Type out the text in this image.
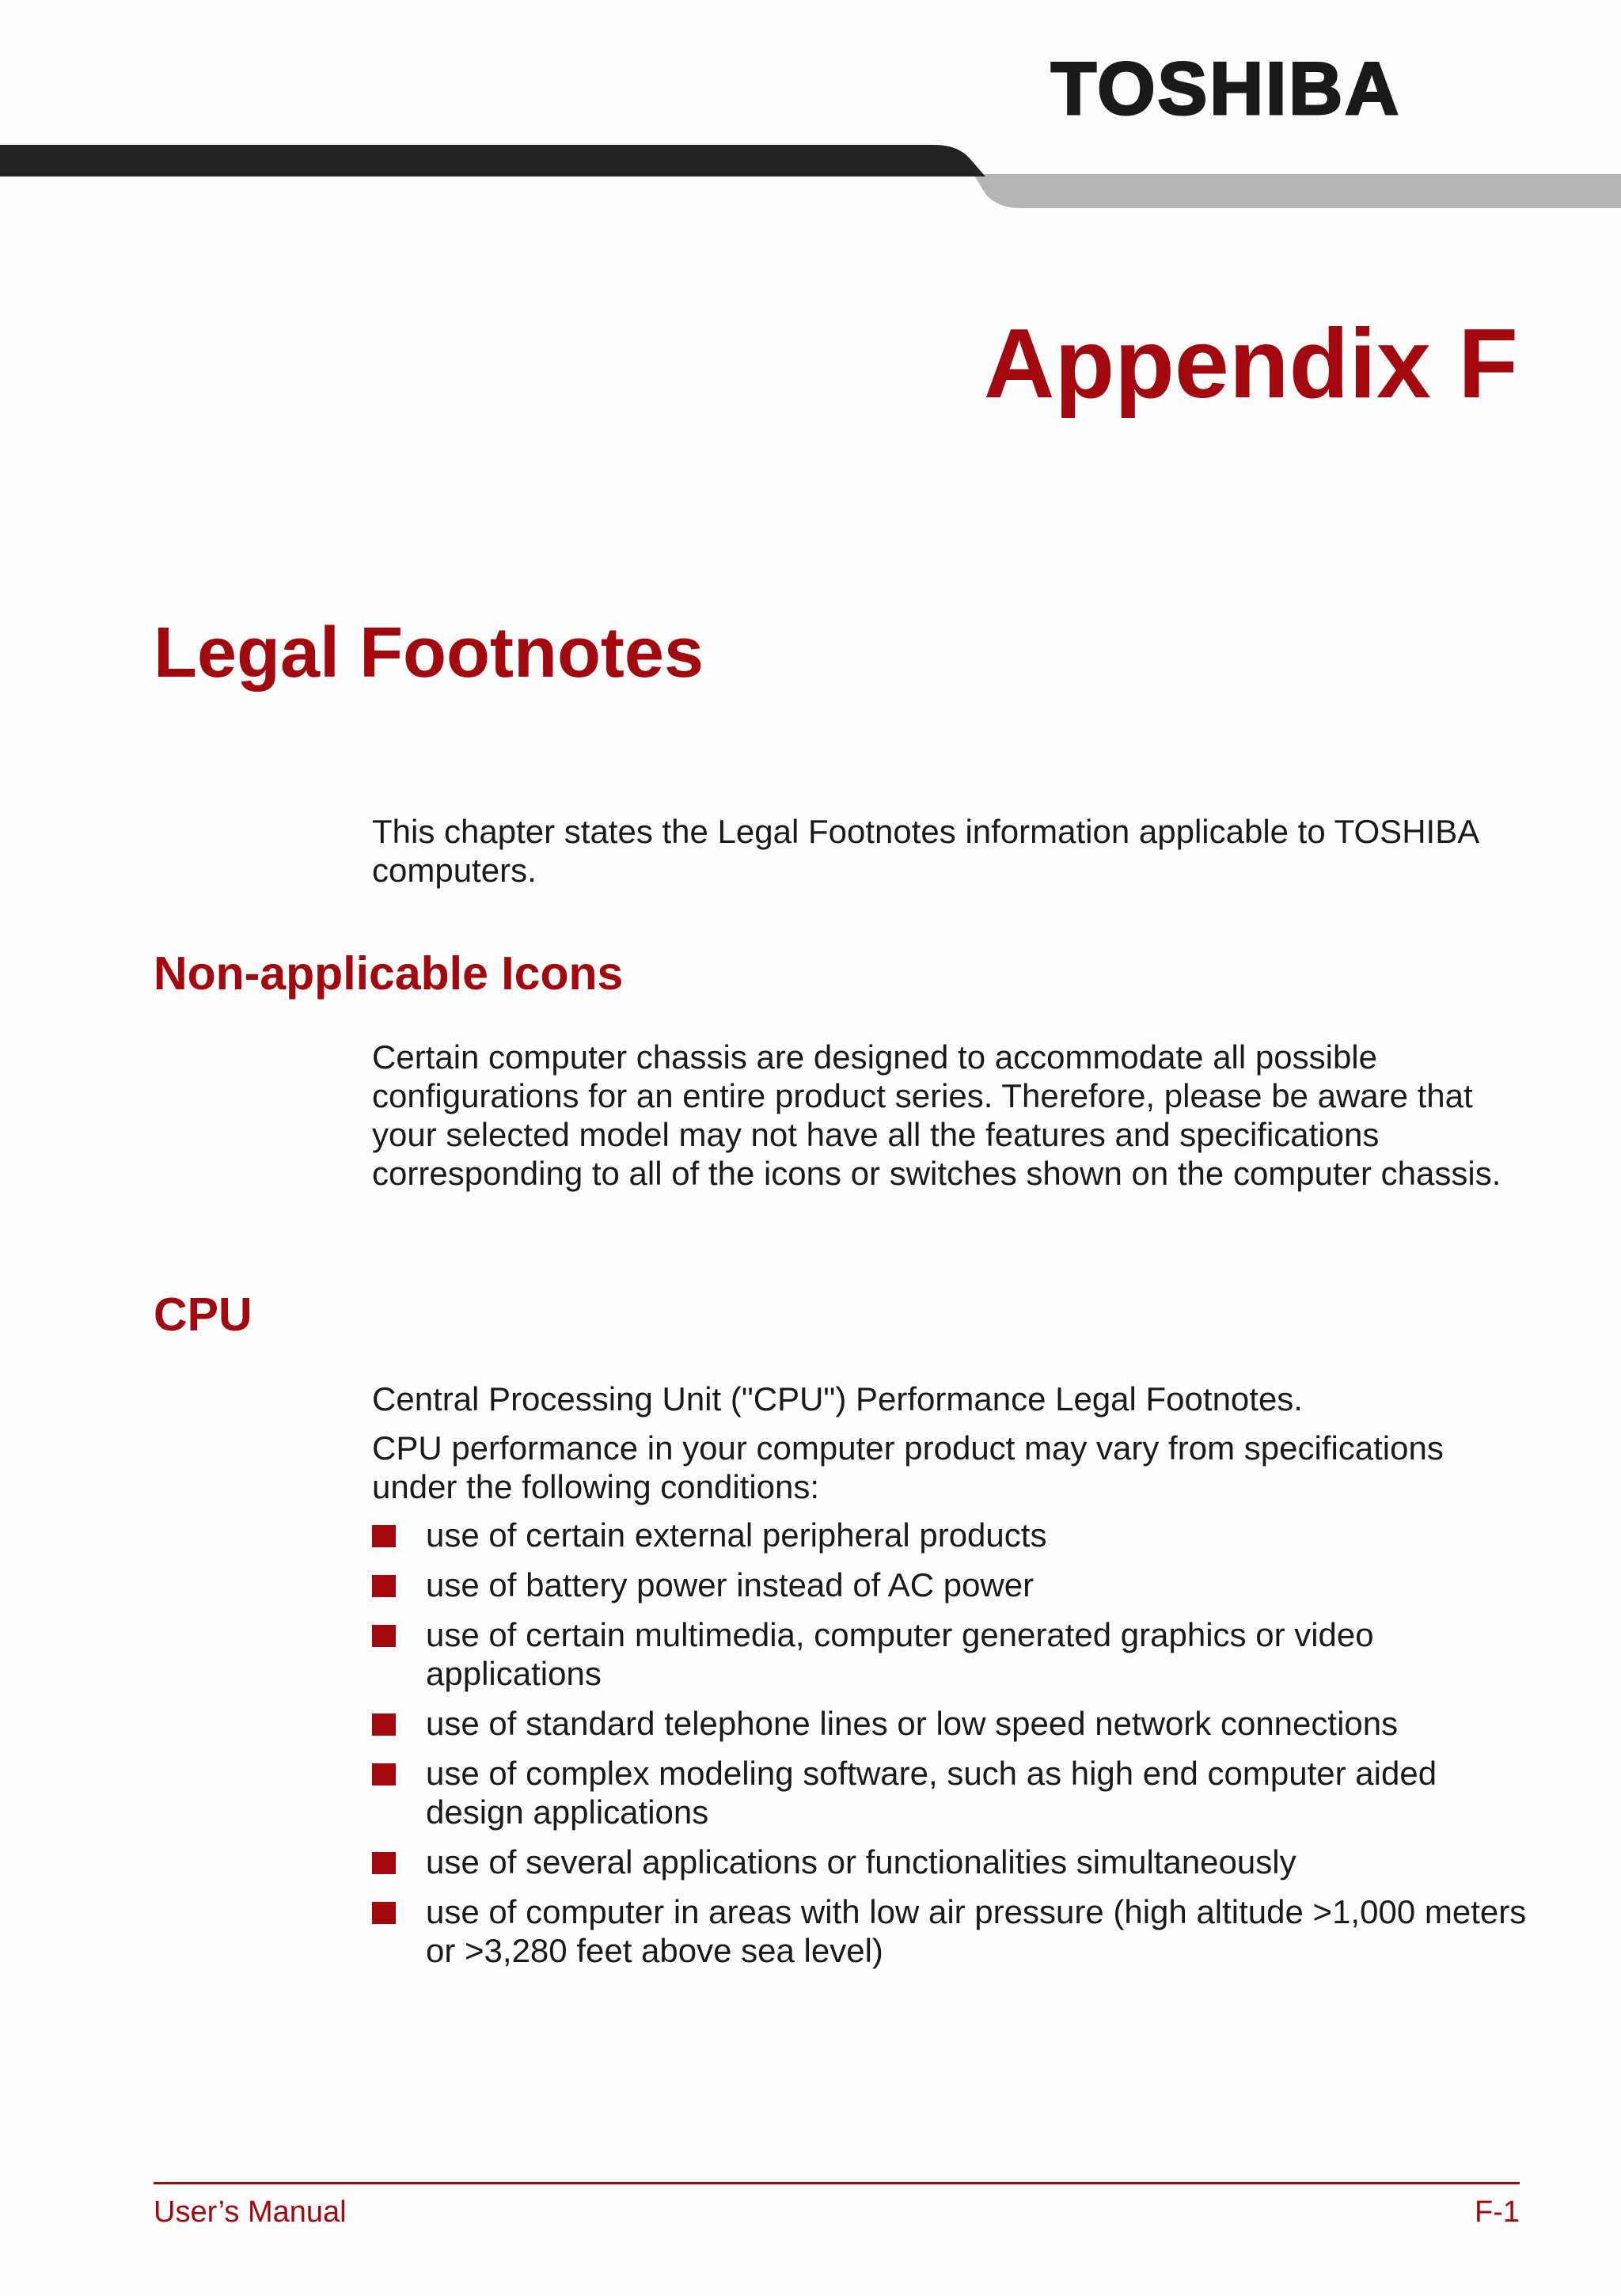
TOSHIBA
Appendix F
Legal Footnotes

This chapter states the Legal Footnotes information applicable to TOSHIBA computers.

Non-applicable Icons

Certain computer chassis are designed to accommodate all possible configurations for an entire product series. Therefore, please be aware that your selected model may not have all the features and specifications corresponding to all of the icons or switches shown on the computer chassis.

CPU

Central Processing Unit ("CPU") Performance Legal Footnotes.

CPU performance in your computer product may vary from specifications under the following conditions:

use of certain external peripheral products
use of battery power instead of AC power
use of certain multimedia, computer generated graphics or video applications
use of standard telephone lines or low speed network connections
use of complex modeling software, such as high end computer aided design applications
use of several applications or functionalities simultaneously
use of computer in areas with low air pressure (high altitude >1,000 meters or >3,280 feet above sea level)
User’s Manual	F-1
